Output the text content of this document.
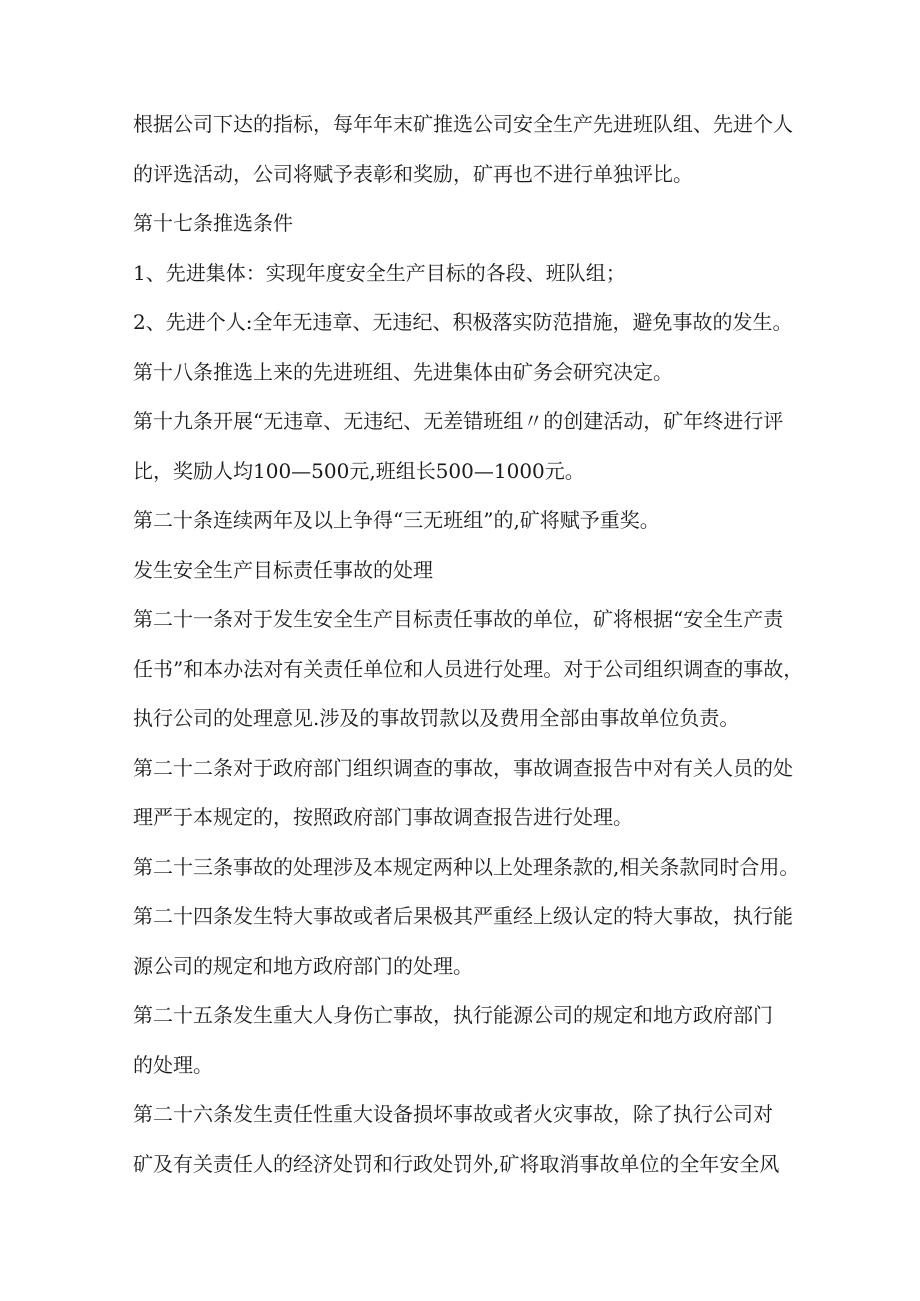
根据公司下达的指标，每年年末矿推选公司安全生产先进班队组、先进个人
的评选活动，公司将赋予表彰和奖励，矿再也不进行单独评比。
第十七条推选条件
1、先进集体：实现年度安全生产目标的各段、班队组；
2、先进个人:全年无违章、无违纪、积极落实防范措施，避免事故的发生。
第十八条推选上来的先进班组、先进集体由矿务会研究决定。
第十九条开展“无违章、无违纪、无差错班组〃的创建活动，矿年终进行评
比，奖励人均100—500元,班组长500—1000元。
第二十条连续两年及以上争得“三无班组”的,矿将赋予重奖。
发生安全生产目标责任事故的处理
第二十一条对于发生安全生产目标责任事故的单位，矿将根据“安全生产责
任书”和本办法对有关责任单位和人员进行处理。对于公司组织调查的事故，
执行公司的处理意见.涉及的事故罚款以及费用全部由事故单位负责。
第二十二条对于政府部门组织调查的事故，事故调查报告中对有关人员的处
理严于本规定的，按照政府部门事故调查报告进行处理。
第二十三条事故的处理涉及本规定两种以上处理条款的,相关条款同时合用。
第二十四条发生特大事故或者后果极其严重经上级认定的特大事故，执行能
源公司的规定和地方政府部门的处理。
第二十五条发生重大人身伤亡事故，执行能源公司的规定和地方政府部门
的处理。
第二十六条发生责任性重大设备损坏事故或者火灾事故，除了执行公司对
矿及有关责任人的经济处罚和行政处罚外,矿将取消事故单位的全年安全风
